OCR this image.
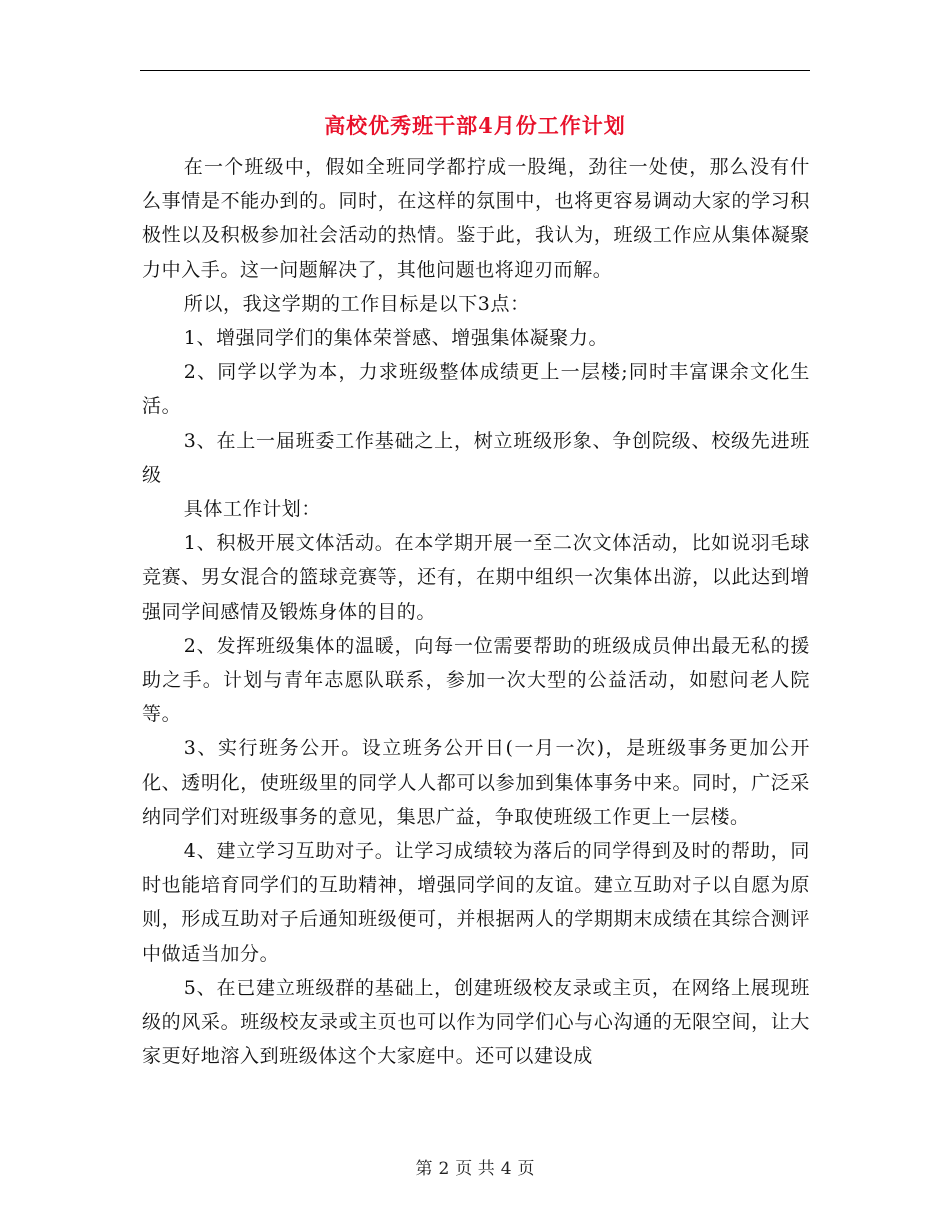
高校优秀班干部4月份工作计划

在一个班级中，假如全班同学都拧成一股绳，劲往一处使，那么没有什么事情是不能办到的。同时，在这样的氛围中，也将更容易调动大家的学习积极性以及积极参加社会活动的热情。鉴于此，我认为，班级工作应从集体凝聚力中入手。这一问题解决了，其他问题也将迎刃而解。

所以，我这学期的工作目标是以下3点：

1、增强同学们的集体荣誉感、增强集体凝聚力。

2、同学以学为本，力求班级整体成绩更上一层楼;同时丰富课余文化生活。

3、在上一届班委工作基础之上，树立班级形象、争创院级、校级先进班级

具体工作计划：

1、积极开展文体活动。在本学期开展一至二次文体活动，比如说羽毛球竞赛、男女混合的篮球竞赛等，还有，在期中组织一次集体出游，以此达到增强同学间感情及锻炼身体的目的。

2、发挥班级集体的温暖，向每一位需要帮助的班级成员伸出最无私的援助之手。计划与青年志愿队联系，参加一次大型的公益活动，如慰问老人院等。

3、实行班务公开。设立班务公开日(一月一次)，是班级事务更加公开化、透明化，使班级里的同学人人都可以参加到集体事务中来。同时，广泛采纳同学们对班级事务的意见，集思广益，争取使班级工作更上一层楼。

4、建立学习互助对子。让学习成绩较为落后的同学得到及时的帮助，同时也能培育同学们的互助精神，增强同学间的友谊。建立互助对子以自愿为原则，形成互助对子后通知班级便可，并根据两人的学期期末成绩在其综合测评中做适当加分。

5、在已建立班级群的基础上，创建班级校友录或主页，在网络上展现班级的风采。班级校友录或主页也可以作为同学们心与心沟通的无限空间，让大家更好地溶入到班级体这个大家庭中。还可以建设成

第 2 页 共 4 页
